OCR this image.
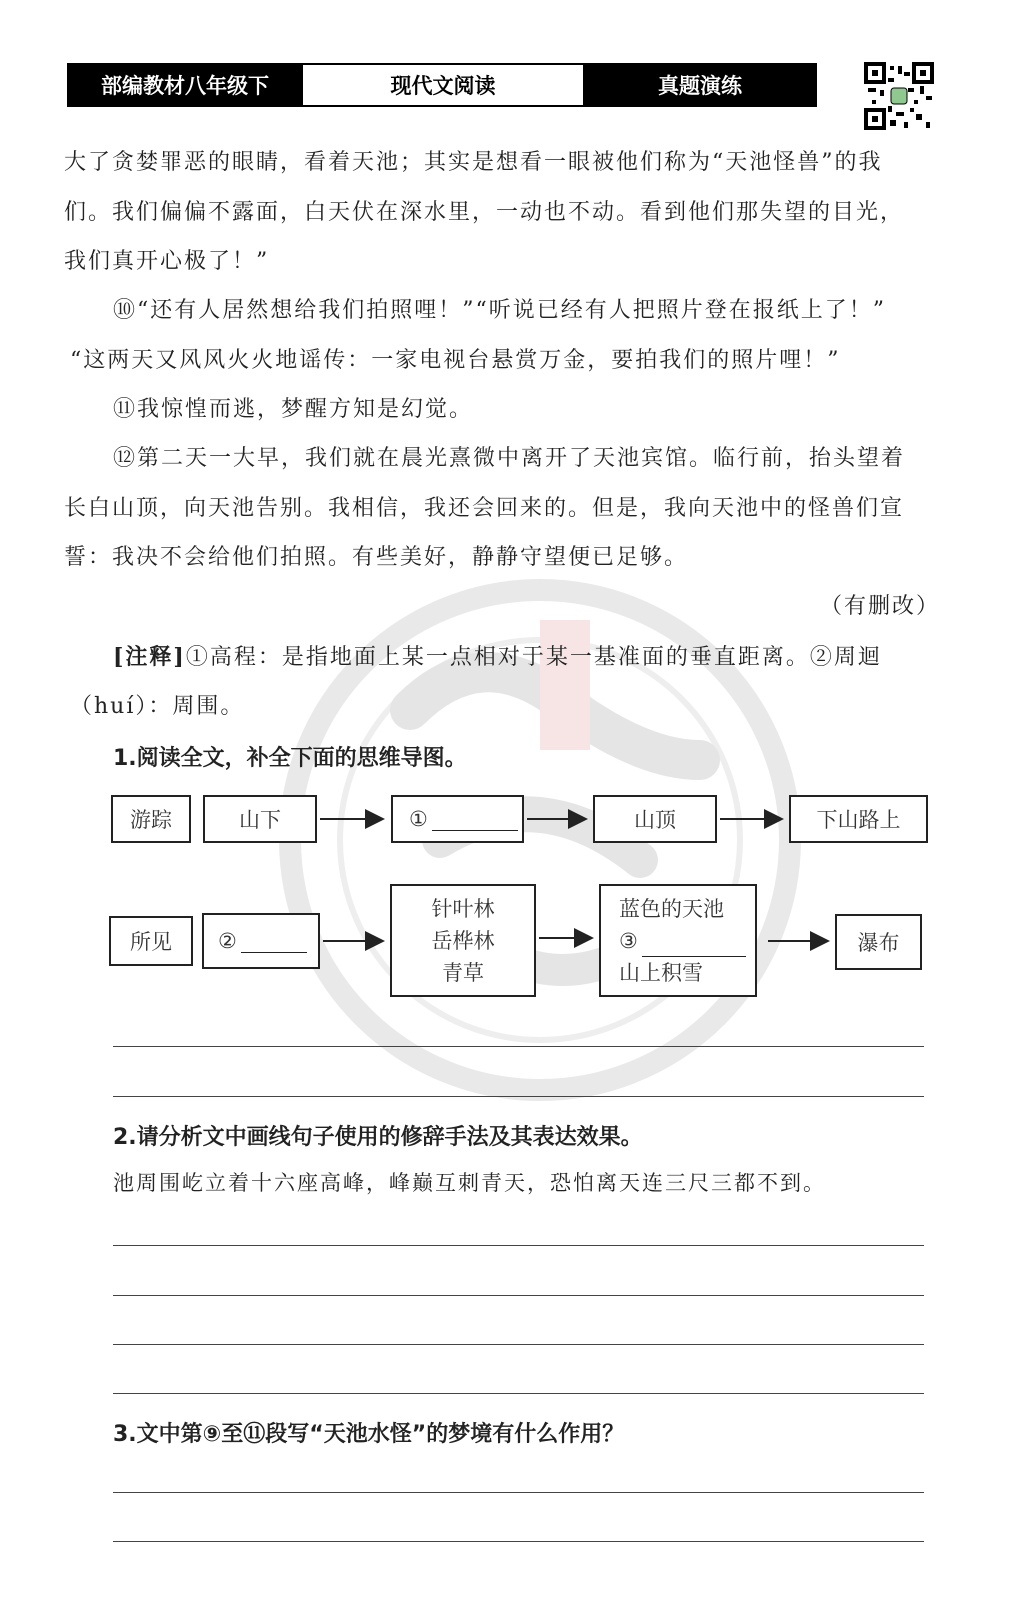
部编教材八年级下	现代文阅读	真题演练
大了贪婪罪恶的眼睛，看着天池；其实是想看一眼被他们称为“天池怪兽”的我
们。我们偏偏不露面，白天伏在深水里，一动也不动。看到他们那失望的目光，
我们真开心极了！”
⑩“还有人居然想给我们拍照哩！”“听说已经有人把照片登在报纸上了！”
“这两天又风风火火地谣传：一家电视台悬赏万金，要拍我们的照片哩！”
⑪我惊惶而逃，梦醒方知是幻觉。
⑫第二天一大早，我们就在晨光熹微中离开了天池宾馆。临行前，抬头望着
长白山顶，向天池告别。我相信，我还会回来的。但是，我向天池中的怪兽们宣
誓：我决不会给他们拍照。有些美好，静静守望便已足够。
（有删改）
[注释]①高程：是指地面上某一点相对于某一基准面的垂直距离。②周迴
（huí）：周围。
1.阅读全文，补全下面的思维导图。
游踪	山下	①	山顶	下山路上
所见 ②
针叶林
岳桦林
青草
蓝色的天池
③
山上积雪
瀑布
2.请分析文中画线句子使用的修辞手法及其表达效果。
池周围屹立着十六座高峰，峰巅互刺青天，恐怕离天连三尺三都不到。
3.文中第⑨至⑪段写“天池水怪”的梦境有什么作用？
